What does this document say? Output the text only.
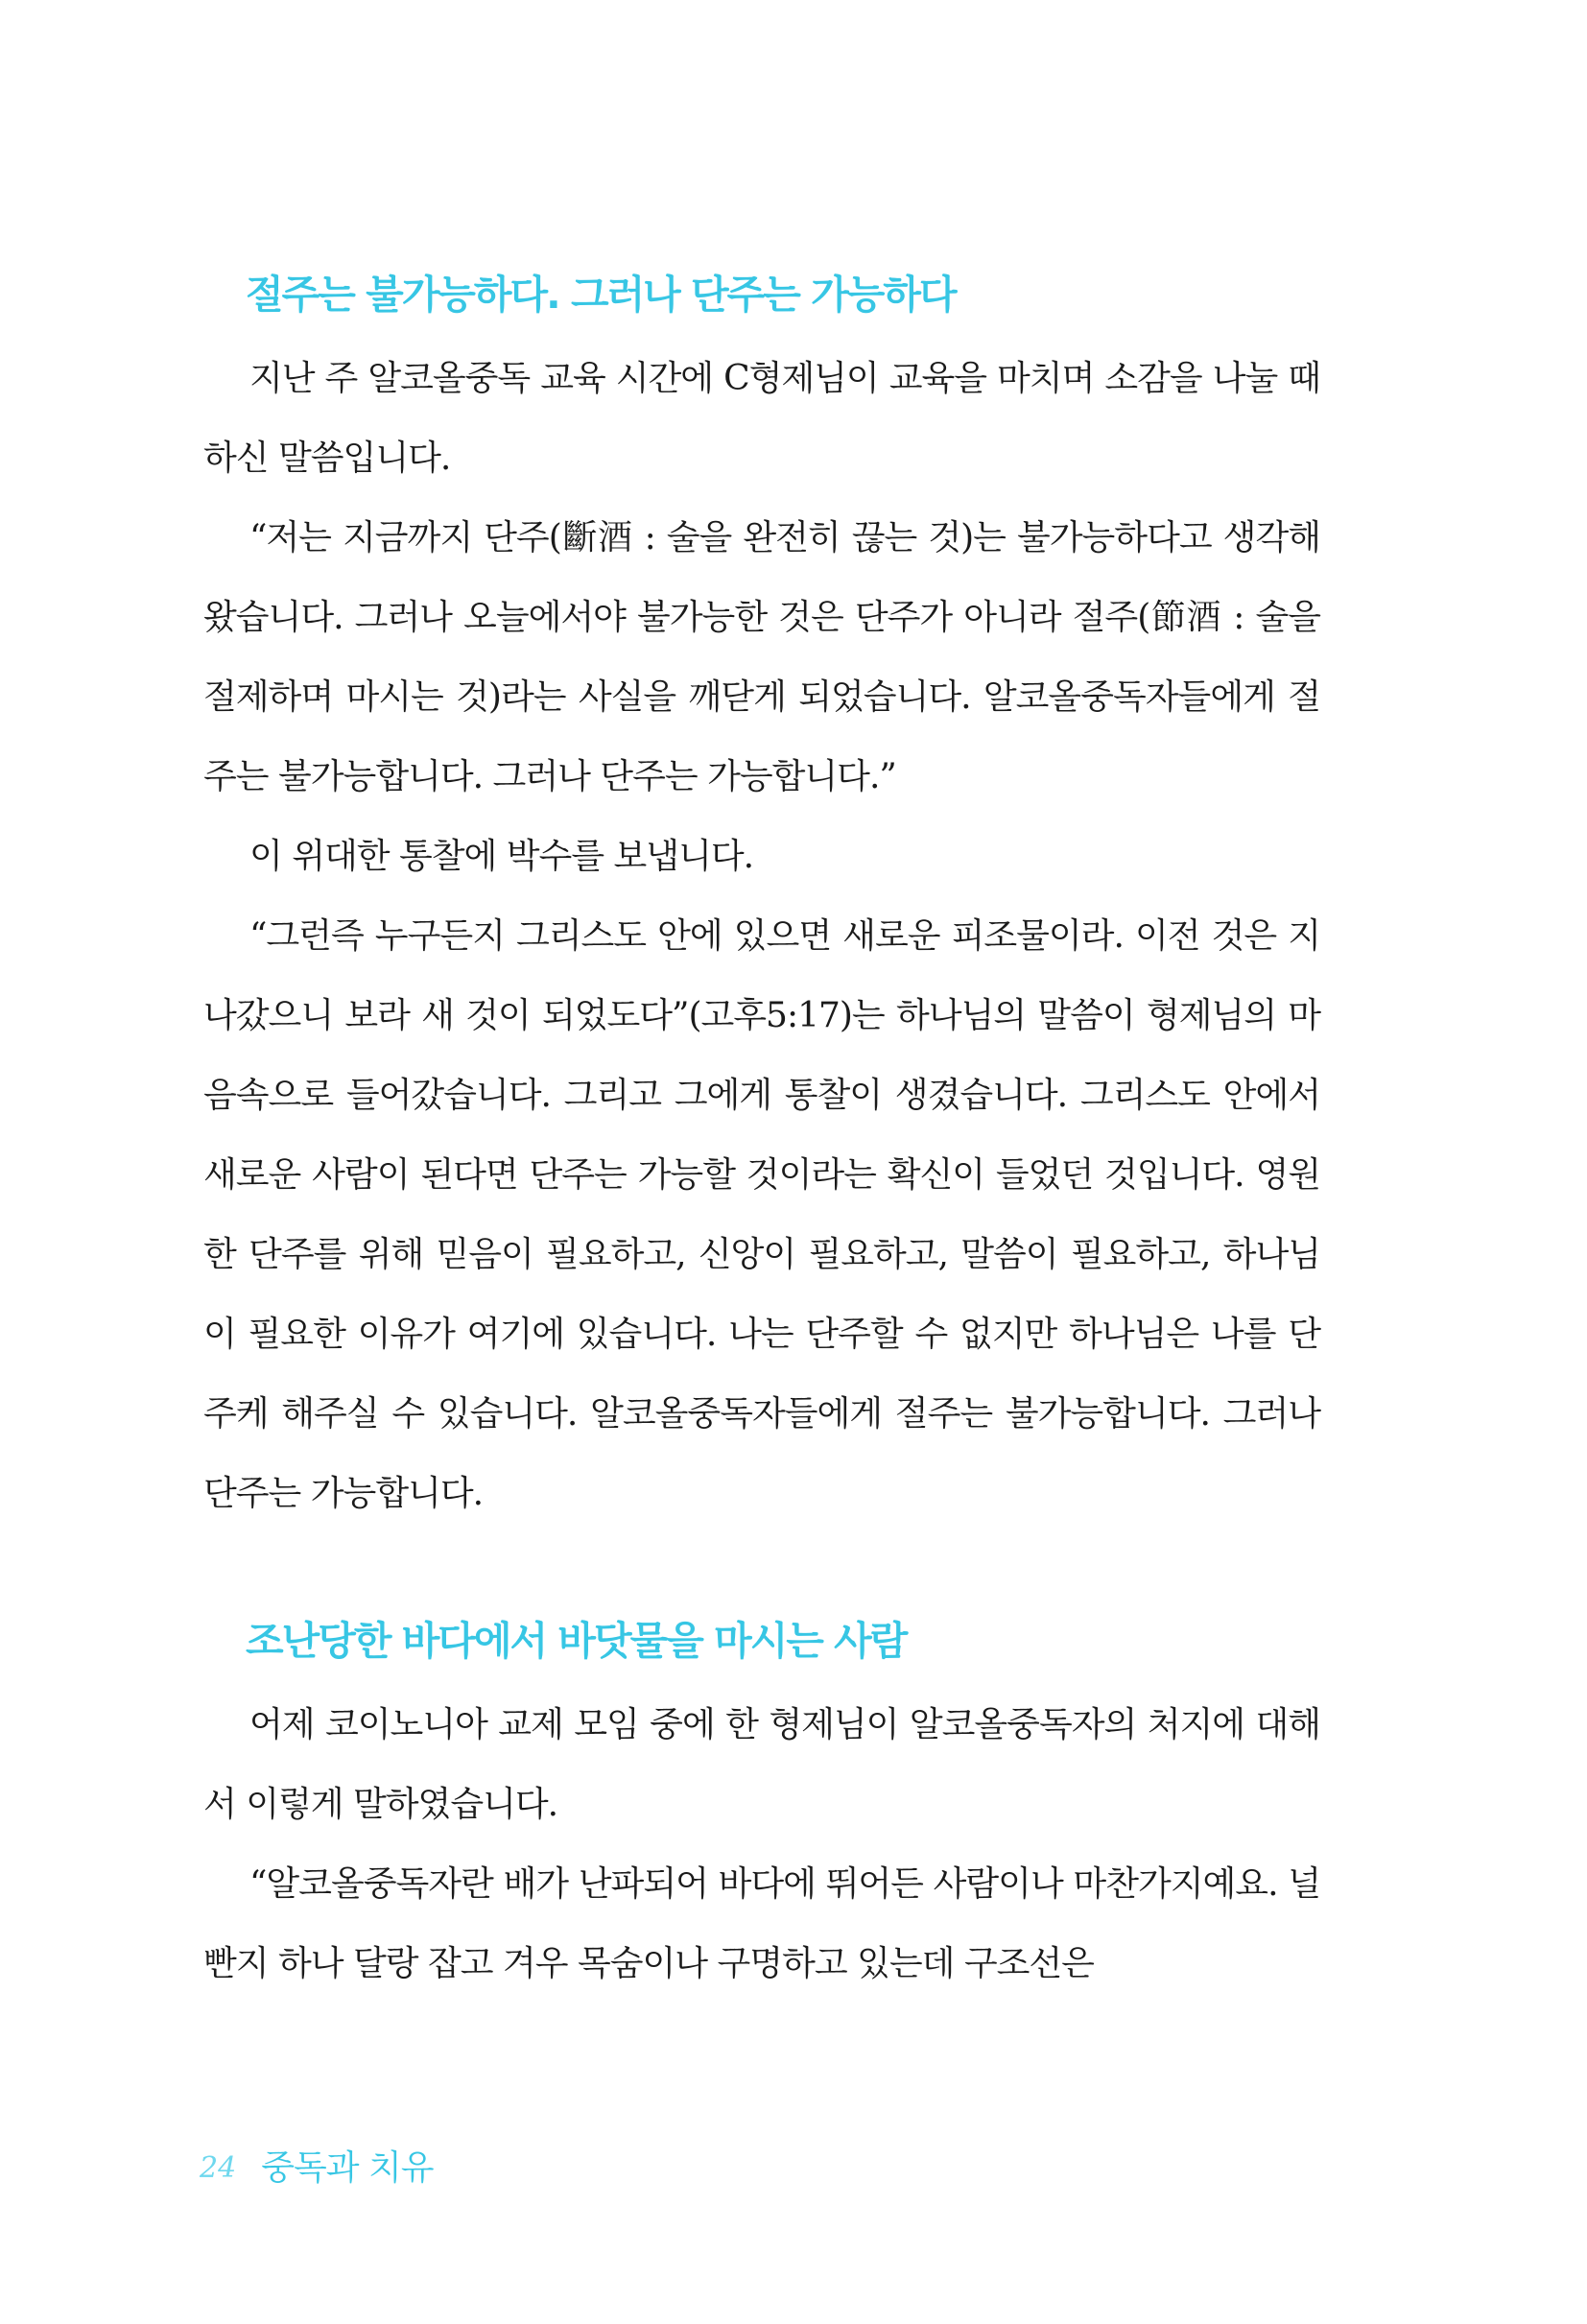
절주는 불가능하다. 그러나 단주는 가능하다

지난 주 알코올중독 교육 시간에 C형제님이 교육을 마치며 소감을 나눌 때 하신 말씀입니다.

“저는 지금까지 단주(斷酒 : 술을 완전히 끊는 것)는 불가능하다고 생각해 왔습니다. 그러나 오늘에서야 불가능한 것은 단주가 아니라 절주(節酒 : 술을 절제하며 마시는 것)라는 사실을 깨닫게 되었습니다. 알코올중독자들에게 절주는 불가능합니다. 그러나 단주는 가능합니다.”

이 위대한 통찰에 박수를 보냅니다.

“그런즉 누구든지 그리스도 안에 있으면 새로운 피조물이라. 이전 것은 지나갔으니 보라 새 것이 되었도다”(고후5:17)는 하나님의 말씀이 형제님의 마음속으로 들어갔습니다. 그리고 그에게 통찰이 생겼습니다. 그리스도 안에서 새로운 사람이 된다면 단주는 가능할 것이라는 확신이 들었던 것입니다. 영원한 단주를 위해 믿음이 필요하고, 신앙이 필요하고, 말씀이 필요하고, 하나님이 필요한 이유가 여기에 있습니다. 나는 단주할 수 없지만 하나님은 나를 단주케 해주실 수 있습니다. 알코올중독자들에게 절주는 불가능합니다. 그러나 단주는 가능합니다.

조난당한 바다에서 바닷물을 마시는 사람

어제 코이노니아 교제 모임 중에 한 형제님이 알코올중독자의 처지에 대해서 이렇게 말하였습니다.

“알코올중독자란 배가 난파되어 바다에 뛰어든 사람이나 마찬가지예요. 널빤지 하나 달랑 잡고 겨우 목숨이나 구명하고 있는데 구조선은

24 중독과 치유
